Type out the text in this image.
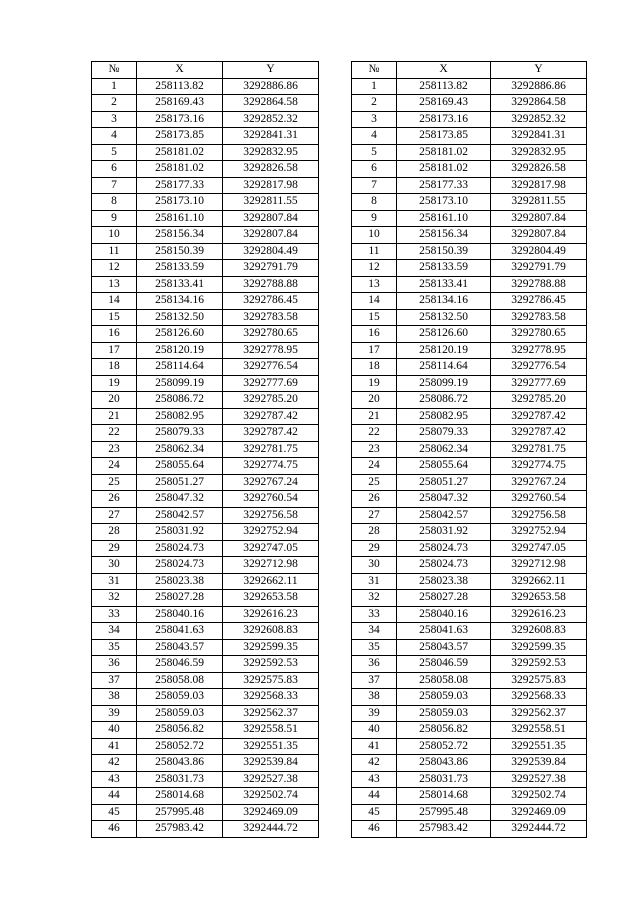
№	X	Y
1	258113.82	3292886.86
2	258169.43	3292864.58
3	258173.16	3292852.32
4	258173.85	3292841.31
5	258181.02	3292832.95
6	258181.02	3292826.58
7	258177.33	3292817.98
8	258173.10	3292811.55
9	258161.10	3292807.84
10	258156.34	3292807.84
11	258150.39	3292804.49
12	258133.59	3292791.79
13	258133.41	3292788.88
14	258134.16	3292786.45
15	258132.50	3292783.58
16	258126.60	3292780.65
17	258120.19	3292778.95
18	258114.64	3292776.54
19	258099.19	3292777.69
20	258086.72	3292785.20
21	258082.95	3292787.42
22	258079.33	3292787.42
23	258062.34	3292781.75
24	258055.64	3292774.75
25	258051.27	3292767.24
26	258047.32	3292760.54
27	258042.57	3292756.58
28	258031.92	3292752.94
29	258024.73	3292747.05
30	258024.73	3292712.98
31	258023.38	3292662.11
32	258027.28	3292653.58
33	258040.16	3292616.23
34	258041.63	3292608.83
35	258043.57	3292599.35
36	258046.59	3292592.53
37	258058.08	3292575.83
38	258059.03	3292568.33
39	258059.03	3292562.37
40	258056.82	3292558.51
41	258052.72	3292551.35
42	258043.86	3292539.84
43	258031.73	3292527.38
44	258014.68	3292502.74
45	257995.48	3292469.09
46	257983.42	3292444.72
№	X	Y
1	258113.82	3292886.86
2	258169.43	3292864.58
3	258173.16	3292852.32
4	258173.85	3292841.31
5	258181.02	3292832.95
6	258181.02	3292826.58
7	258177.33	3292817.98
8	258173.10	3292811.55
9	258161.10	3292807.84
10	258156.34	3292807.84
11	258150.39	3292804.49
12	258133.59	3292791.79
13	258133.41	3292788.88
14	258134.16	3292786.45
15	258132.50	3292783.58
16	258126.60	3292780.65
17	258120.19	3292778.95
18	258114.64	3292776.54
19	258099.19	3292777.69
20	258086.72	3292785.20
21	258082.95	3292787.42
22	258079.33	3292787.42
23	258062.34	3292781.75
24	258055.64	3292774.75
25	258051.27	3292767.24
26	258047.32	3292760.54
27	258042.57	3292756.58
28	258031.92	3292752.94
29	258024.73	3292747.05
30	258024.73	3292712.98
31	258023.38	3292662.11
32	258027.28	3292653.58
33	258040.16	3292616.23
34	258041.63	3292608.83
35	258043.57	3292599.35
36	258046.59	3292592.53
37	258058.08	3292575.83
38	258059.03	3292568.33
39	258059.03	3292562.37
40	258056.82	3292558.51
41	258052.72	3292551.35
42	258043.86	3292539.84
43	258031.73	3292527.38
44	258014.68	3292502.74
45	257995.48	3292469.09
46	257983.42	3292444.72
